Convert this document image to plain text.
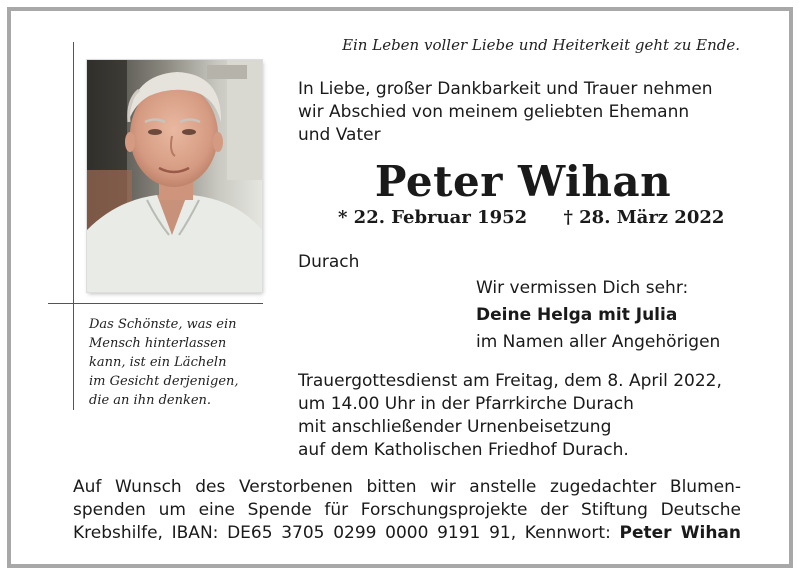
Ein Leben voller Liebe und Heiterkeit geht zu Ende.
In Liebe, großer Dankbarkeit und Trauer nehmen
wir Abschied von meinem geliebten Ehemann
und Vater
Peter Wihan
* 22. Februar 1952 † 28. März 2022
Durach
Wir vermissen Dich sehr:
Deine Helga mit Julia
im Namen aller Angehörigen
Das Schönste, was ein
Mensch hinterlassen
kann, ist ein Lächeln
im Gesicht derjenigen,
die an ihn denken.
Trauergottesdienst am Freitag, dem 8. April 2022,
um 14.00 Uhr in der Pfarrkirche Durach
mit anschließender Urnenbeisetzung
auf dem Katholischen Friedhof Durach.
Auf Wunsch des Verstorbenen bitten wir anstelle zugedachter Blumen-
spenden um eine Spende für Forschungsprojekte der Stiftung Deutsche
Krebshilfe, IBAN: DE65 3705 0299 0000 9191 91, Kennwort: Peter Wihan
